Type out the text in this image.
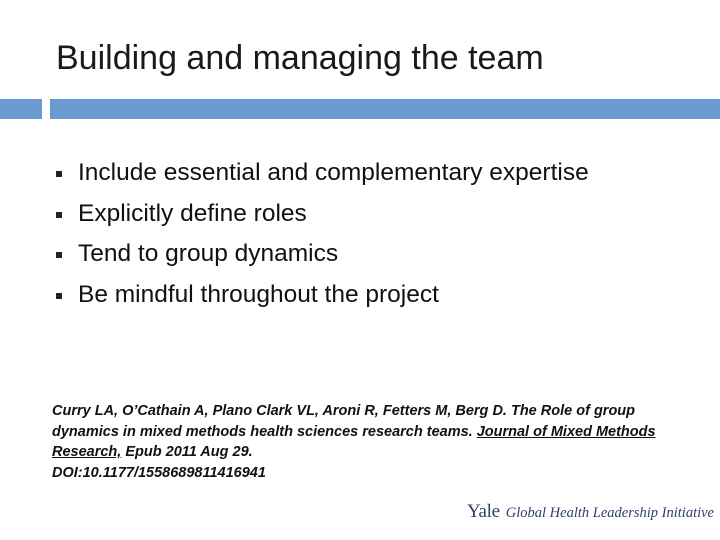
Building and managing the team
Include essential and complementary expertise
Explicitly define roles
Tend to group dynamics
Be mindful throughout the project
Curry LA, O’Cathain A, Plano Clark VL, Aroni R, Fetters M, Berg D. The Role of group dynamics in mixed methods health sciences research teams. Journal of Mixed Methods Research, Epub 2011 Aug 29.
DOI:10.1177/1558689811416941
Yale Global Health Leadership Initiative
